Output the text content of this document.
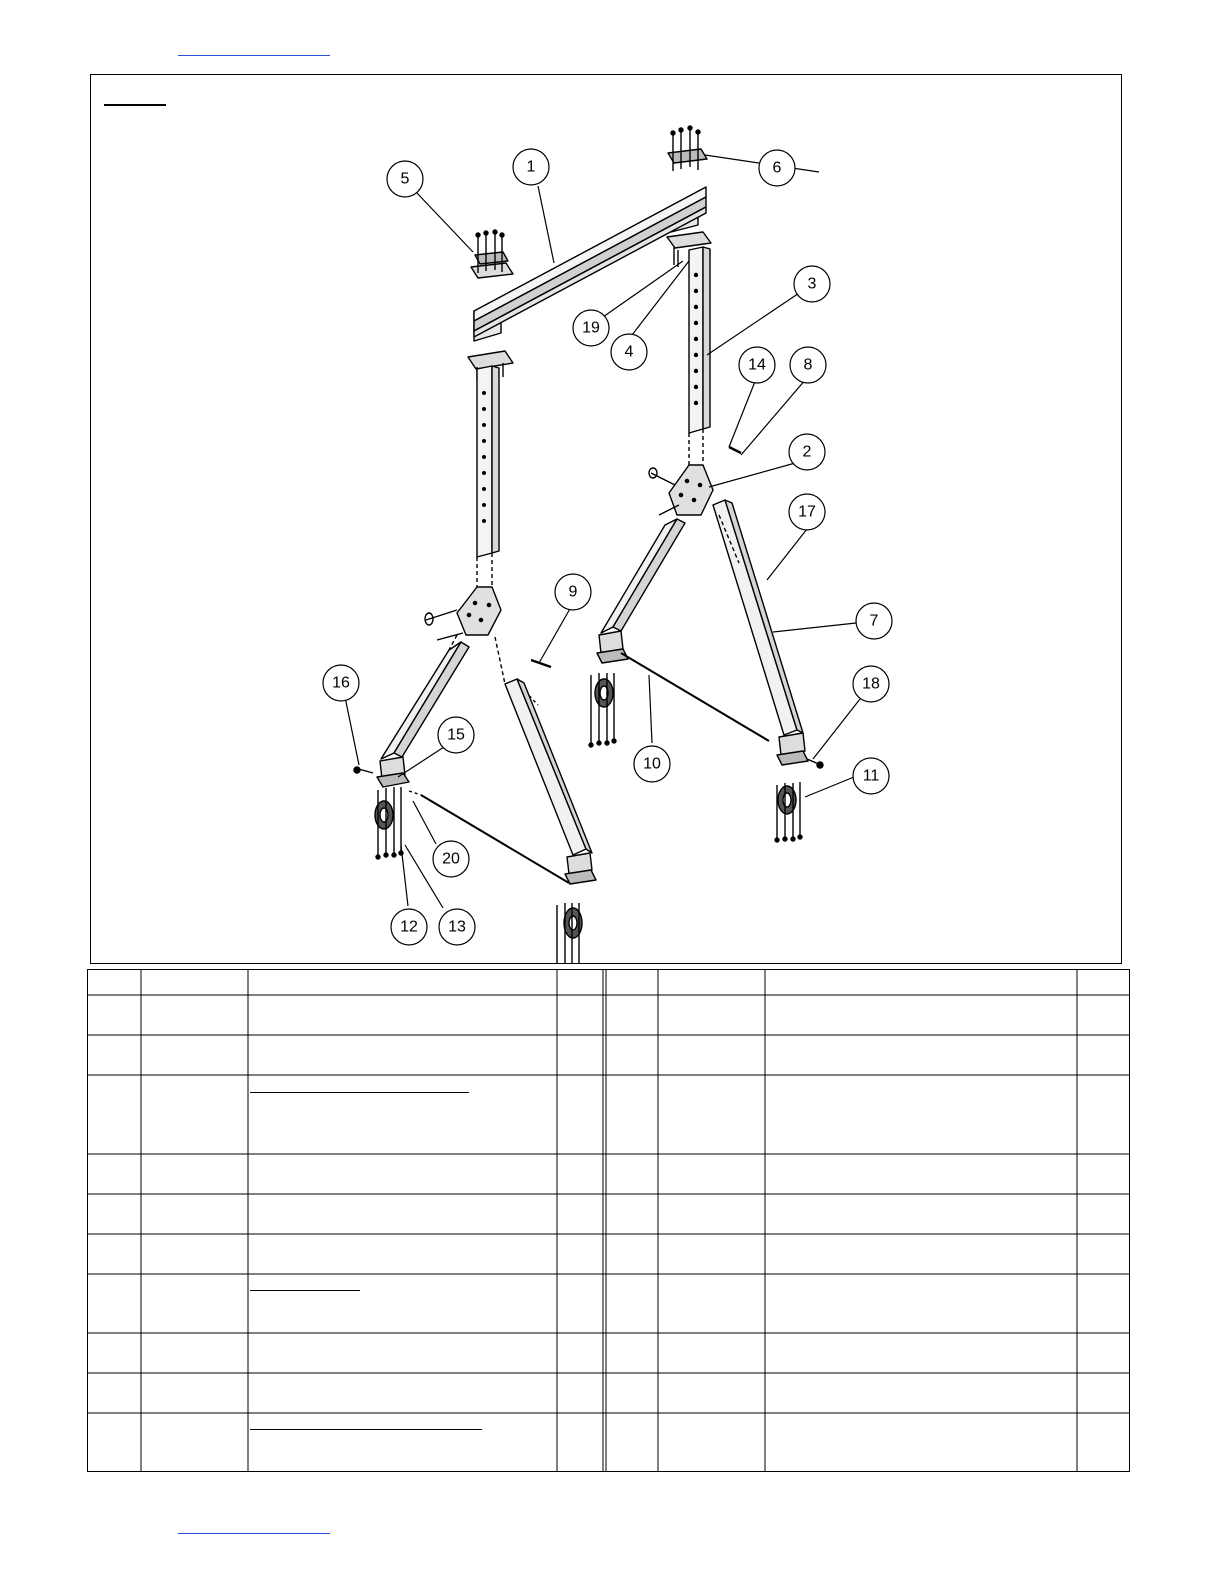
1	6
5
3
19
4
14 8
2
17
9
7
16	18
15
10
11
20
12 13
